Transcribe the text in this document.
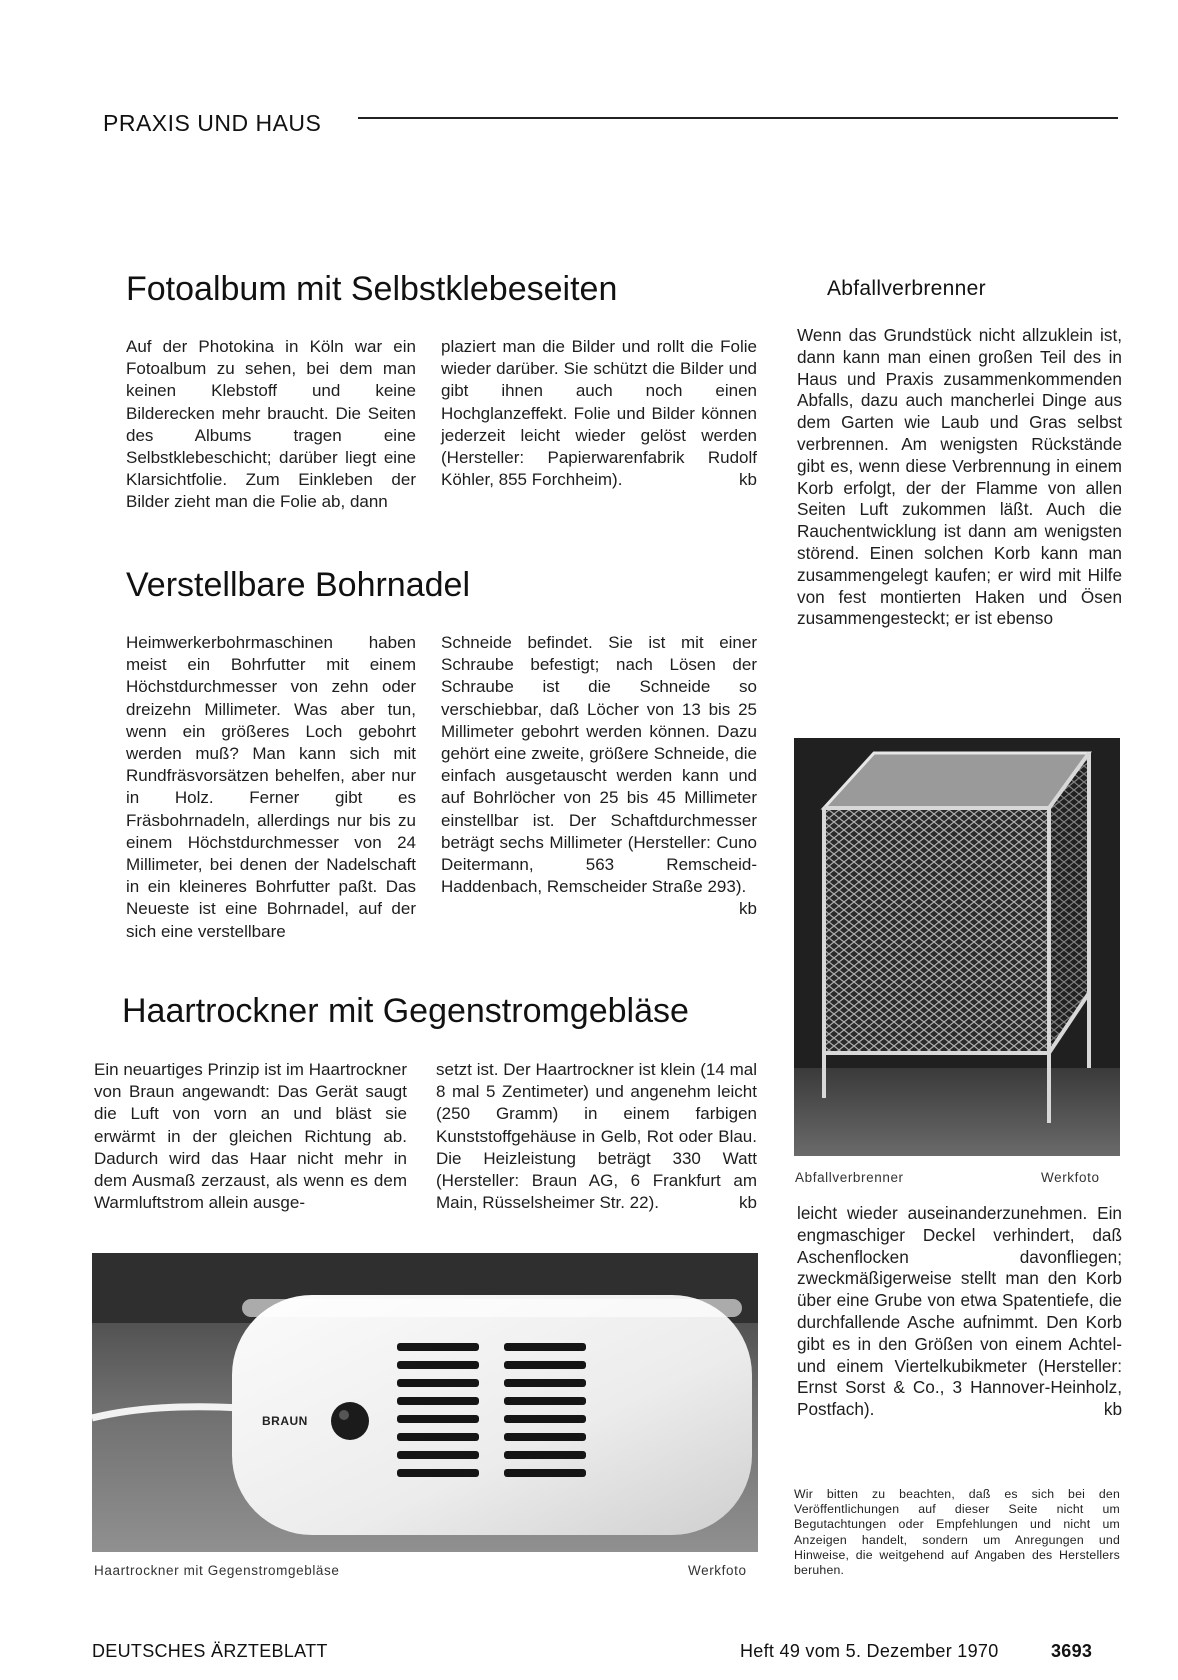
PRAXIS UND HAUS
Fotoalbum mit Selbstklebeseiten

Auf der Photokina in Köln war ein Fotoalbum zu sehen, bei dem man keinen Klebstoff und keine Bilderecken mehr braucht. Die Seiten des Albums tragen eine Selbstklebeschicht; darüber liegt eine Klarsichtfolie. Zum Einkleben der Bilder zieht man die Folie ab, dann

plaziert man die Bilder und rollt die Folie wieder darüber. Sie schützt die Bilder und gibt ihnen auch noch einen Hochglanzeffekt. Folie und Bilder können jederzeit leicht wieder gelöst werden (Hersteller: Papierwarenfabrik Rudolf Köhler, 855 Forchheim).	kb

Verstellbare Bohrnadel

Heimwerkerbohrmaschinen haben meist ein Bohrfutter mit einem Höchstdurchmesser von zehn oder dreizehn Millimeter. Was aber tun, wenn ein größeres Loch gebohrt werden muß? Man kann sich mit Rundfräsvorsätzen behelfen, aber nur in Holz. Ferner gibt es Fräsbohrnadeln, allerdings nur bis zu einem Höchstdurchmesser von 24 Millimeter, bei denen der Nadelschaft in ein kleineres Bohrfutter paßt. Das Neueste ist eine Bohrnadel, auf der sich eine verstellbare

Schneide befindet. Sie ist mit einer Schraube befestigt; nach Lösen der Schraube ist die Schneide so verschiebbar, daß Löcher von 13 bis 25 Millimeter gebohrt werden können. Dazu gehört eine zweite, größere Schneide, die einfach ausgetauscht werden kann und auf Bohrlöcher von 25 bis 45 Millimeter einstellbar ist. Der Schaftdurchmesser beträgt sechs Millimeter (Hersteller: Cuno Deitermann, 563 Remscheid-Haddenbach, Remscheider Straße 293).
kb

Haartrockner mit Gegenstromgebläse

Ein neuartiges Prinzip ist im Haartrockner von Braun angewandt: Das Gerät saugt die Luft von vorn an und bläst sie erwärmt in der gleichen Richtung ab. Dadurch wird das Haar nicht mehr in dem Ausmaß zerzaust, als wenn es dem Warmluftstrom allein ausge-

setzt ist. Der Haartrockner ist klein (14 mal 8 mal 5 Zentimeter) und angenehm leicht (250 Gramm) in einem farbigen Kunststoffgehäuse in Gelb, Rot oder Blau. Die Heizleistung beträgt 330 Watt (Hersteller: Braun AG, 6 Frankfurt am Main, Rüsselsheimer Str. 22).	kb

BRAUN
Haartrockner mit Gegenstromgebläse	Werkfoto
Abfallverbrenner
Wenn das Grundstück nicht allzuklein ist, dann kann man einen großen Teil des in Haus und Praxis zusammenkommenden Abfalls, dazu auch mancherlei Dinge aus dem Garten wie Laub und Gras selbst verbrennen. Am wenigsten Rückstände gibt es, wenn diese Verbrennung in einem Korb erfolgt, der der Flamme von allen Seiten Luft zukommen läßt. Auch die Rauchentwicklung ist dann am wenigsten störend. Einen solchen Korb kann man zusammengelegt kaufen; er wird mit Hilfe von fest montierten Haken und Ösen zusammengesteckt; er ist ebenso
Abfallverbrenner	Werkfoto
leicht wieder auseinanderzunehmen. Ein engmaschiger Deckel verhindert, daß Aschenflocken davonfliegen; zweckmäßigerweise stellt man den Korb über eine Grube von etwa Spatentiefe, die durchfallende Asche aufnimmt. Den Korb gibt es in den Größen von einem Achtel- und einem Viertelkubikmeter (Hersteller: Ernst Sorst & Co., 3 Hannover-Heinholz, Postfach).	kb
Wir bitten zu beachten, daß es sich bei den Veröffentlichungen auf dieser Seite nicht um Begutachtungen oder Empfehlungen und nicht um Anzeigen handelt, sondern um Anregungen und Hinweise, die weitgehend auf Angaben des Herstellers beruhen.
DEUTSCHES ÄRZTEBLATT	Heft 49 vom 5. Dezember 1970	3693
